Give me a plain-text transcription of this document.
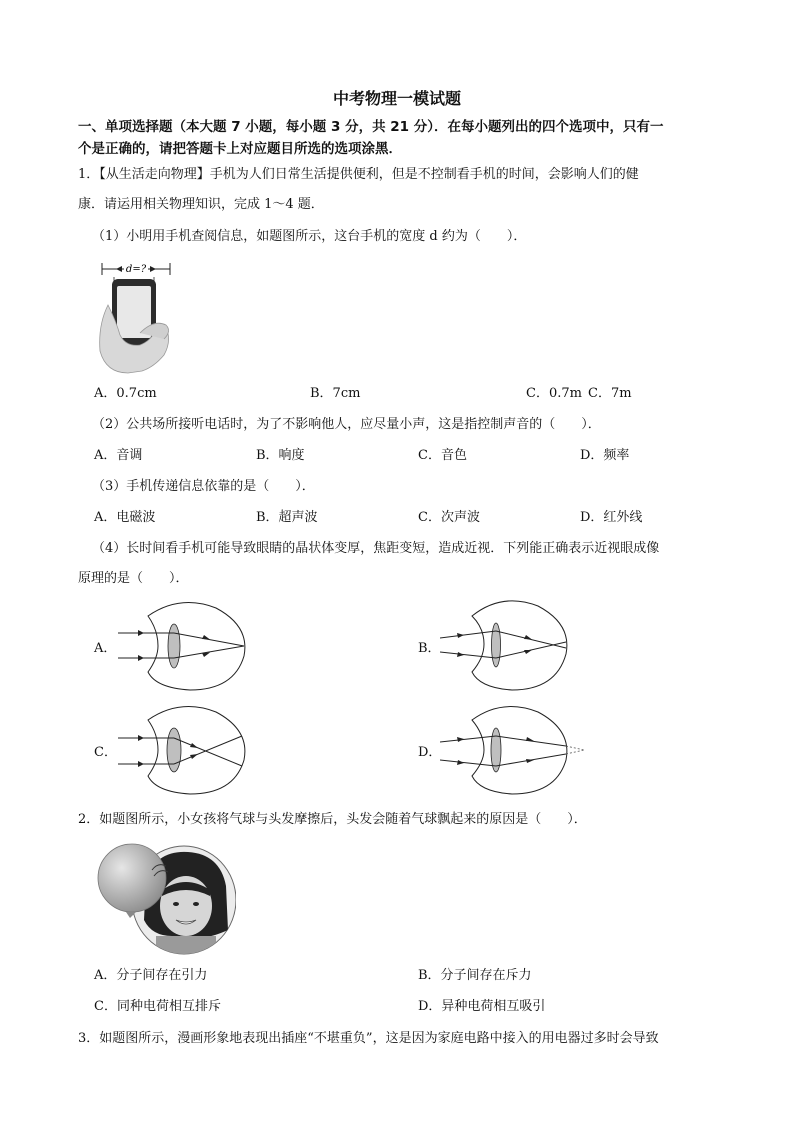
中考物理一模试题
一、单项选择题（本大题 7 小题，每小题 3 分，共 21 分）．在每小题列出的四个选项中，只有一
个是正确的，请把答题卡上对应题目所选的选项涂黑．
1．【从生活走向物理】手机为人们日常生活提供便利，但是不控制看手机的时间，会影响人们的健
康．请运用相关物理知识，完成 1～4 题．
（1）小明用手机查阅信息，如题图所示，这台手机的宽度 d 约为（　　）．
d=?
A．0.7cm	B．7cm	C．0.7m C．7m
（2）公共场所接听电话时，为了不影响他人，应尽量小声，这是指控制声音的（　　）．
A．音调	B．响度	C．音色	D．频率
（3）手机传递信息依靠的是（　　）．
A．电磁波	B．超声波	C．次声波	D．红外线
（4）长时间看手机可能导致眼睛的晶状体变厚，焦距变短，造成近视．下列能正确表示近视眼成像
原理的是（　　）．
A．	B．
C．	D．
2．如题图所示，小女孩将气球与头发摩擦后，头发会随着气球飘起来的原因是（　　）．
A．分子间存在引力	B．分子间存在斥力
C．同种电荷相互排斥	D．异种电荷相互吸引
3．如题图所示，漫画形象地表现出插座“不堪重负”，这是因为家庭电路中接入的用电器过多时会导致
